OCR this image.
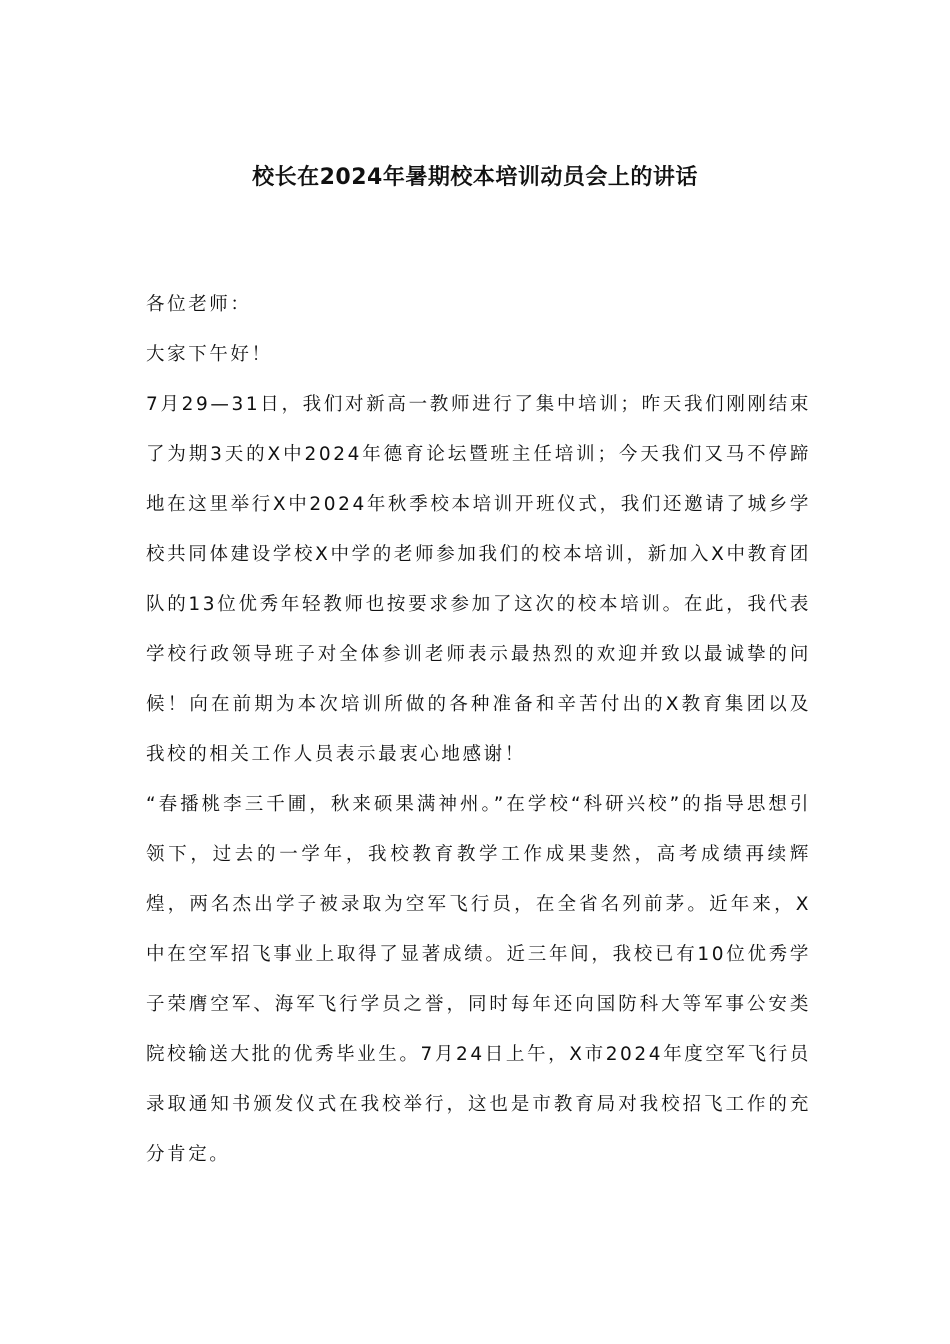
校长在2024年暑期校本培训动员会上的讲话

各位老师：

大家下午好！

7月29—31日，我们对新高一教师进行了集中培训；昨天我们刚刚结束了为期3天的X中2024年德育论坛暨班主任培训；今天我们又马不停蹄地在这里举行X中2024年秋季校本培训开班仪式，我们还邀请了城乡学校共同体建设学校X中学的老师参加我们的校本培训，新加入X中教育团队的13位优秀年轻教师也按要求参加了这次的校本培训。在此，我代表学校行政领导班子对全体参训老师表示最热烈的欢迎并致以最诚挚的问候！向在前期为本次培训所做的各种准备和辛苦付出的X教育集团以及我校的相关工作人员表示最衷心地感谢！

“春播桃李三千圃，秋来硕果满神州。”在学校“科研兴校”的指导思想引领下，过去的一学年，我校教育教学工作成果斐然，高考成绩再续辉煌，两名杰出学子被录取为空军飞行员，在全省名列前茅。近年来，X中在空军招飞事业上取得了显著成绩。近三年间，我校已有10位优秀学子荣膺空军、海军飞行学员之誉，同时每年还向国防科大等军事公安类院校输送大批的优秀毕业生。7月24日上午，X市2024年度空军飞行员录取通知书颁发仪式在我校举行，这也是市教育局对我校招飞工作的充分肯定。
